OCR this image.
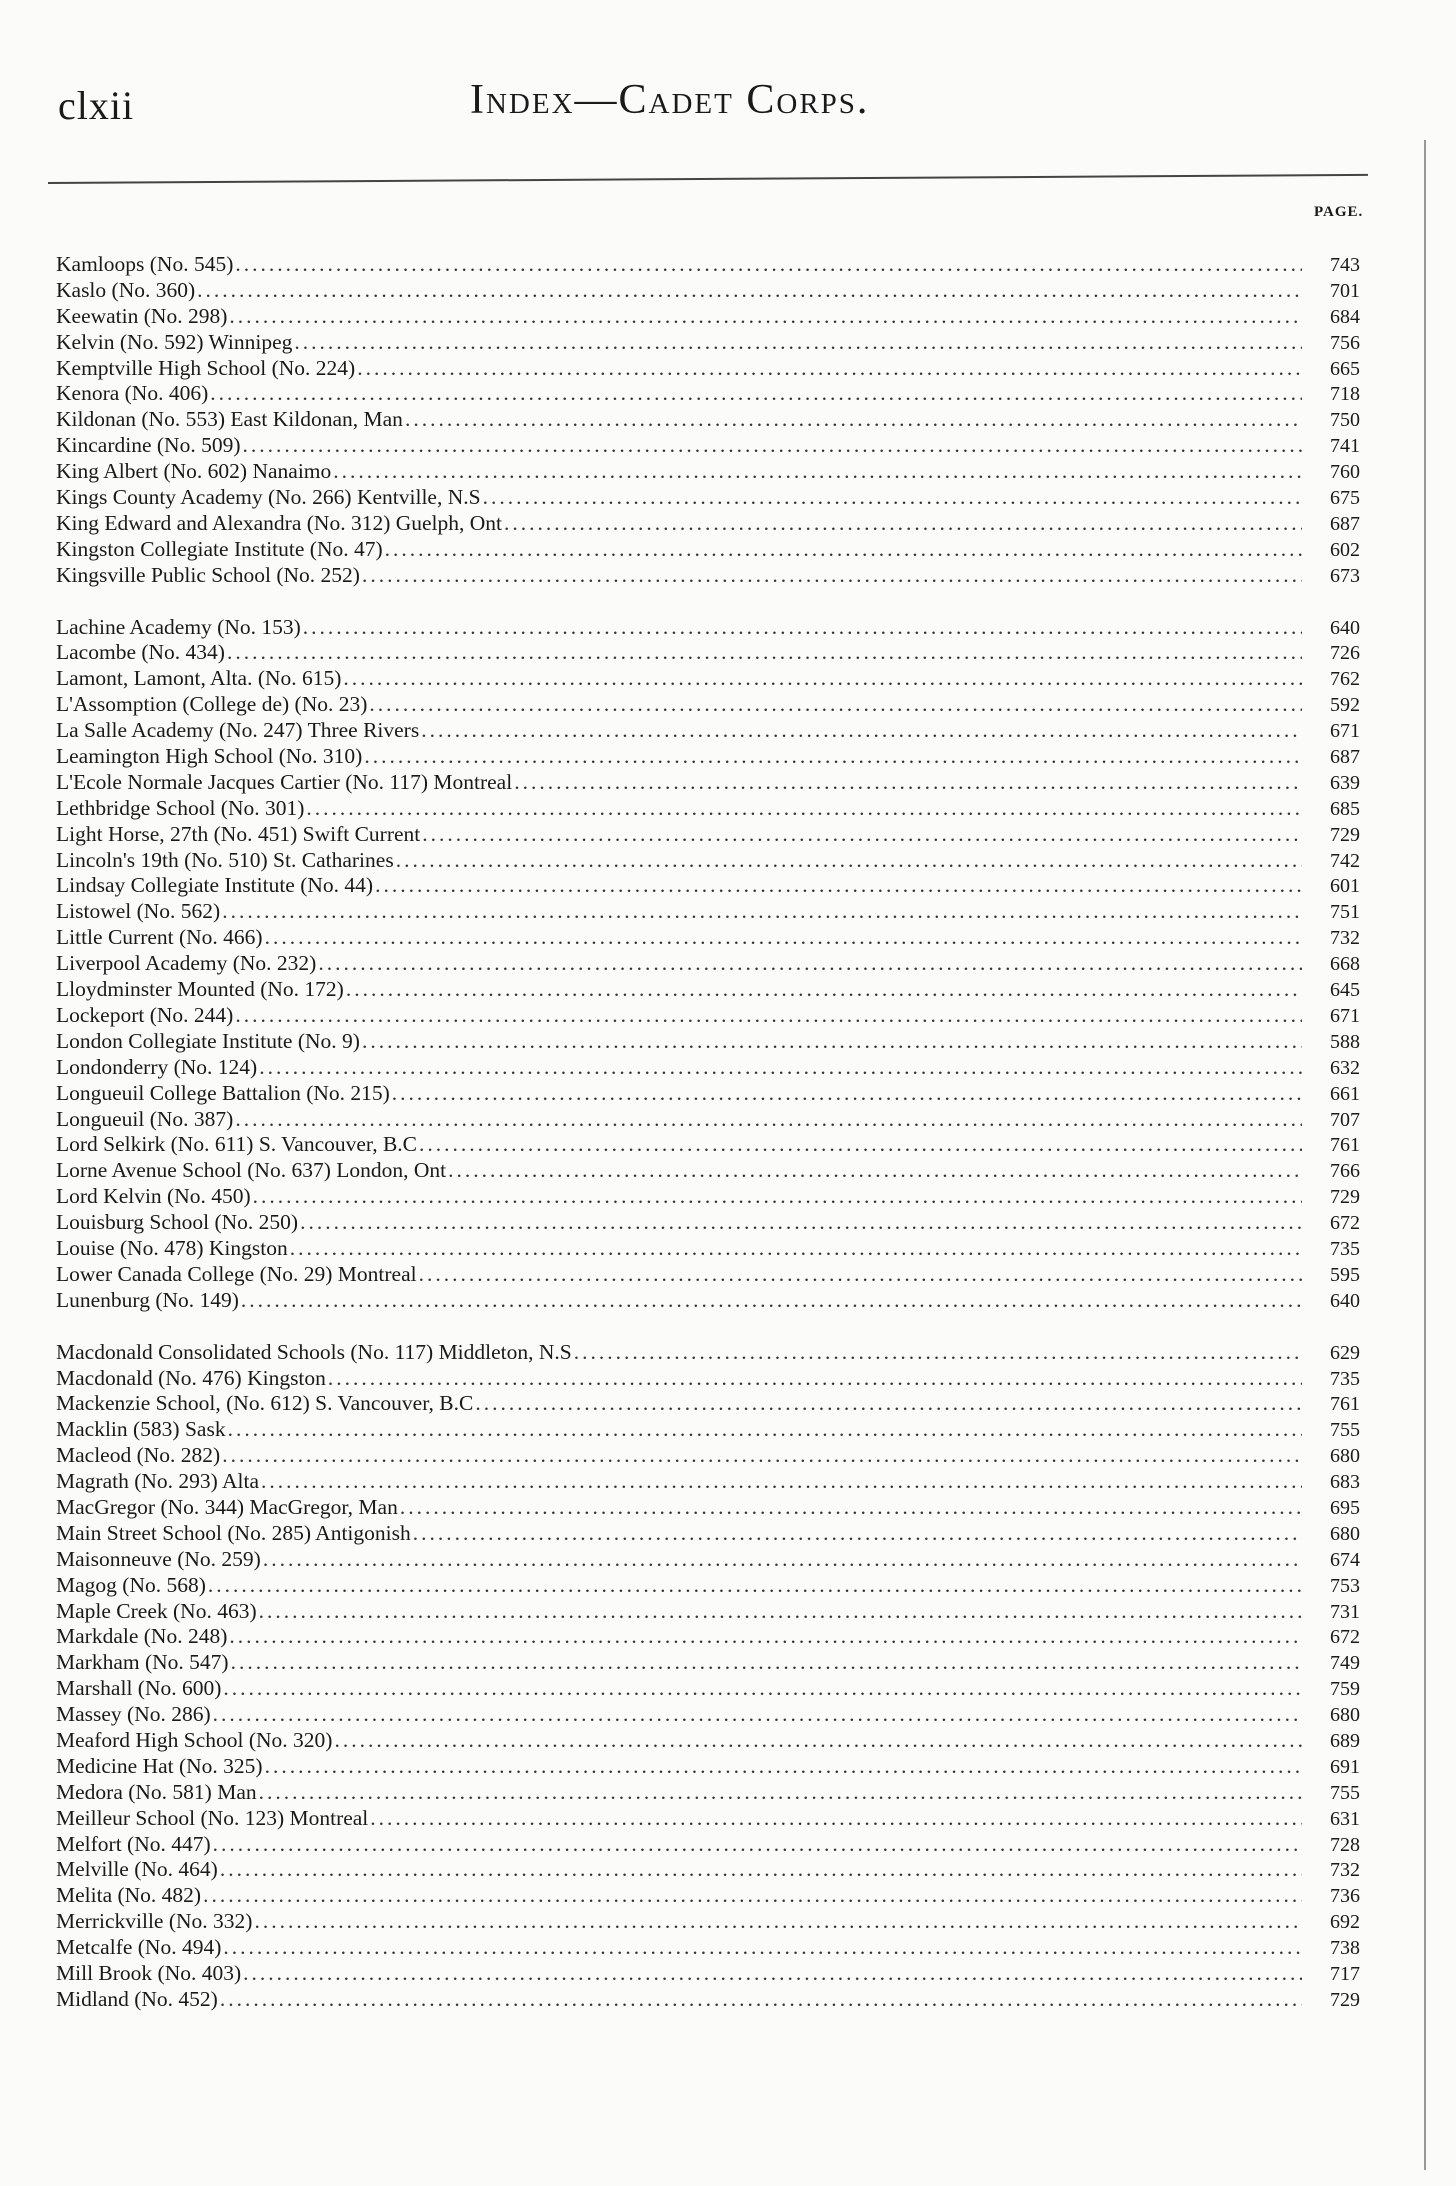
clxii	Index—Cadet Corps.
PAGE.
Kamloops (No. 545) .....	743
Kaslo (No. 360) .....	701
Keewatin (No. 298) .....	684
Kelvin (No. 592) Winnipeg .....	756
Kemptville High School (No. 224) .....	665
Kenora (No. 406) .....	718
Kildonan (No. 553) East Kildonan, Man .....	750
Kincardine (No. 509) .....	741
King Albert (No. 602) Nanaimo .....	760
Kings County Academy (No. 266) Kentville, N.S .....	675
King Edward and Alexandra (No. 312) Guelph, Ont .....	687
Kingston Collegiate Institute (No. 47) .....	602
Kingsville Public School (No. 252) .....	673
Lachine Academy (No. 153) .....	640
Lacombe (No. 434) .....	726
Lamont, Lamont, Alta. (No. 615) .....	762
L'Assomption (College de) (No. 23) .....	592
La Salle Academy (No. 247) Three Rivers .....	671
Leamington High School (No. 310) .....	687
L'Ecole Normale Jacques Cartier (No. 117) Montreal .....	639
Lethbridge School (No. 301) .....	685
Light Horse, 27th (No. 451) Swift Current .....	729
Lincoln's 19th (No. 510) St. Catharines .....	742
Lindsay Collegiate Institute (No. 44) .....	601
Listowel (No. 562) .....	751
Little Current (No. 466) .....	732
Liverpool Academy (No. 232) .....	668
Lloydminster Mounted (No. 172) .....	645
Lockeport (No. 244) .....	671
London Collegiate Institute (No. 9) .....	588
Londonderry (No. 124) .....	632
Longueuil College Battalion (No. 215) .....	661
Longueuil (No. 387) .....	707
Lord Selkirk (No. 611) S. Vancouver, B.C .....	761
Lorne Avenue School (No. 637) London, Ont .....	766
Lord Kelvin (No. 450) .....	729
Louisburg School (No. 250) .....	672
Louise (No. 478) Kingston .....	735
Lower Canada College (No. 29) Montreal .....	595
Lunenburg (No. 149) .....	640
Macdonald Consolidated Schools (No. 117) Middleton, N.S .....	629
Macdonald (No. 476) Kingston .....	735
Mackenzie School, (No. 612) S. Vancouver, B.C .....	761
Macklin (583) Sask .....	755
Macleod (No. 282) .....	680
Magrath (No. 293) Alta .....	683
MacGregor (No. 344) MacGregor, Man .....	695
Main Street School (No. 285) Antigonish .....	680
Maisonneuve (No. 259) .....	674
Magog (No. 568) .....	753
Maple Creek (No. 463) .....	731
Markdale (No. 248) .....	672
Markham (No. 547) .....	749
Marshall (No. 600) .....	759
Massey (No. 286) .....	680
Meaford High School (No. 320) .....	689
Medicine Hat (No. 325) .....	691
Medora (No. 581) Man .....	755
Meilleur School (No. 123) Montreal .....	631
Melfort (No. 447) .....	728
Melville (No. 464) .....	732
Melita (No. 482) .....	736
Merrickville (No. 332) .....	692
Metcalfe (No. 494) .....	738
Mill Brook (No. 403) .....	717
Midland (No. 452) .....	729
